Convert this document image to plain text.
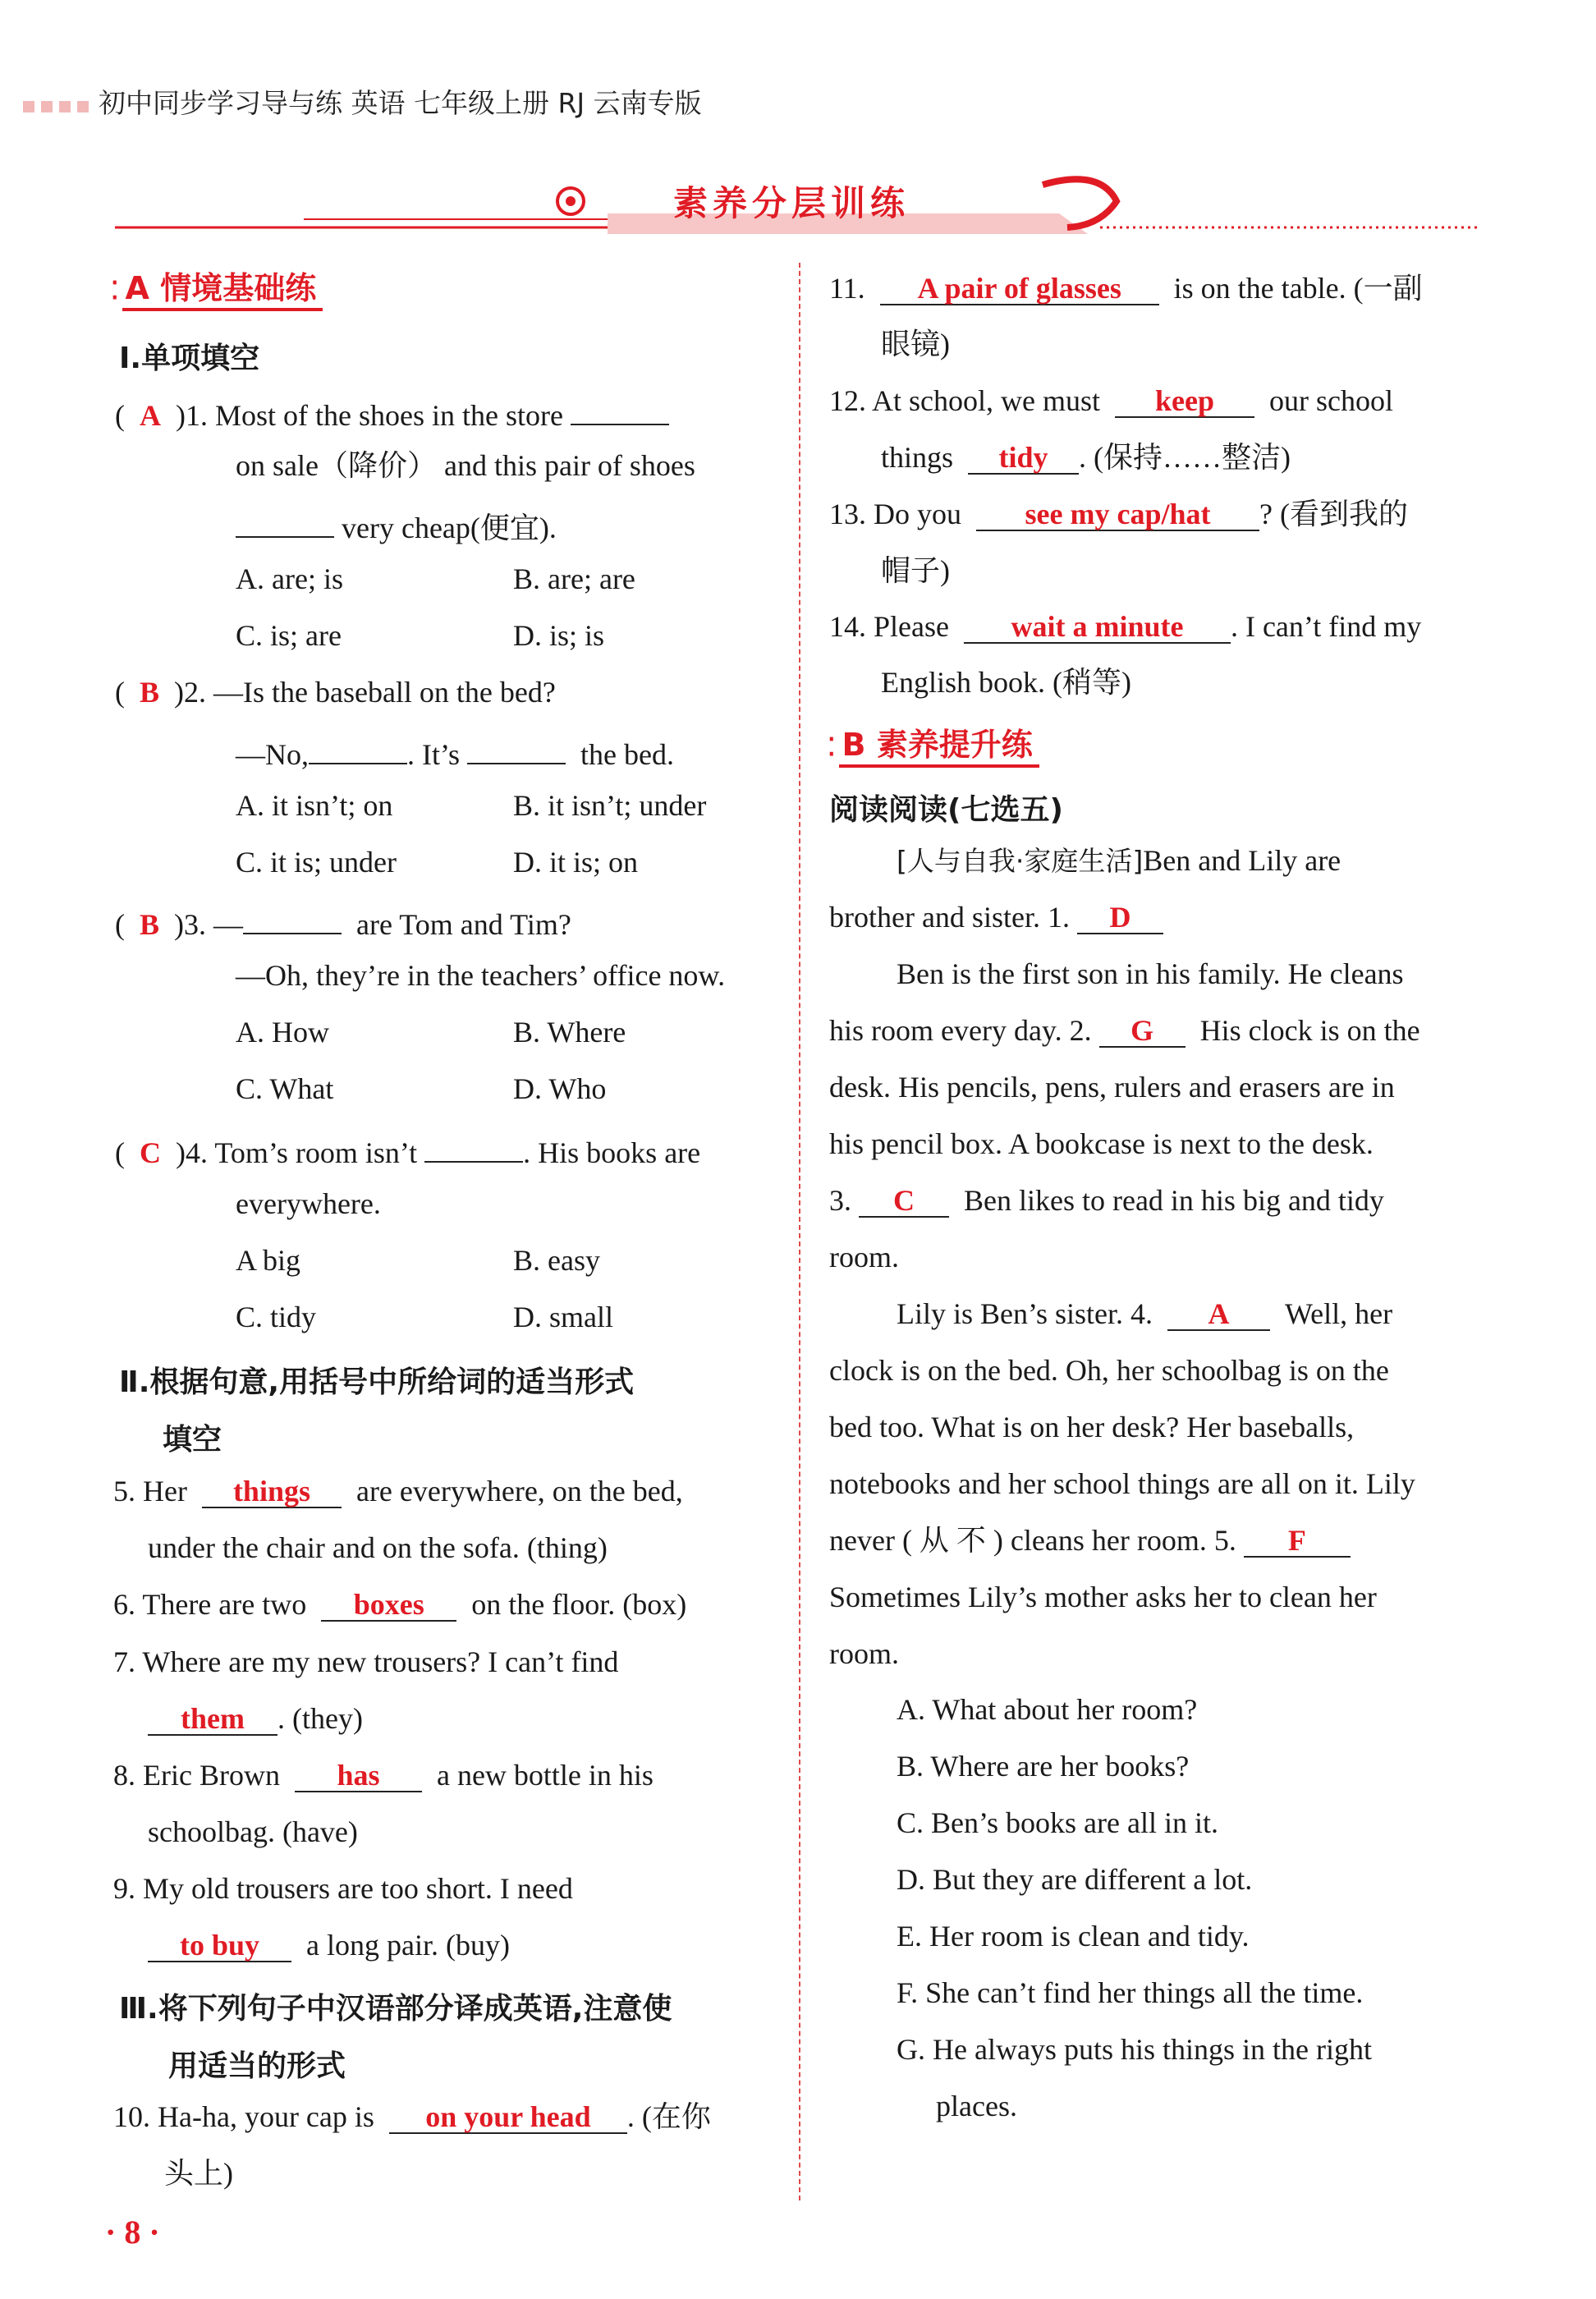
初中同步学习导与练 英语 七年级上册 RJ 云南专版
素养分层训练
⁚ A 情境基础练
Ⅰ.单项填空
(  A )1. Most of the shoes in the store
on sale（降价） and this pair of shoes
very cheap(便宜).
A. are; is	B. are; are
C. is; are	D. is; is
(  B )2. —Is the baseball on the bed?
—No,	. It’s	the bed.
A. it isn’t; on	B. it isn’t; under
C. it is; under	D. it is; on
(  B )3. —	are Tom and Tim?
—Oh, they’re in the teachers’ office now.
A. How	B. Where
C. What	D. Who
(  C )4. Tom’s room isn’t	. His books are
everywhere.
A big	B. easy
C. tidy	D. small
Ⅱ.根据句意,用括号中所给词的适当形式
填空
5. Her things are everywhere, on the bed,
under the chair and on the sofa. (thing)
6. There are two boxes on the floor. (box)
7. Where are my new trousers? I can’t find
them . (they)
8. Eric Brown has a new bottle in his
schoolbag. (have)
9. My old trousers are too short. I need
to buy a long pair. (buy)
Ⅲ.将下列句子中汉语部分译成英语,注意使
用适当的形式
10. Ha-ha, your cap is on your head . (在你
头上)
11. A pair of glasses is on the table. (一副
眼镜)
12. At school, we must keep our school
things tidy . (保持……整洁)
13. Do you see my cap/hat ? (看到我的
帽子)
14. Please wait a minute . I can’t find my
English book. (稍等)
⁚ B 素养提升练
阅读阅读(七选五)
[人与自我·家庭生活]Ben and Lily are
brother and sister. 1. D
Ben is the first son in his family. He cleans
his room every day. 2. G His clock is on the
desk. His pencils, pens, rulers and erasers are in
his pencil box. A bookcase is next to the desk.
3. C Ben likes to read in his big and tidy
room.
Lily is Ben’s sister. 4. A Well, her
clock is on the bed. Oh, her schoolbag is on the
bed too. What is on her desk? Her baseballs,
notebooks and her school things are all on it. Lily
never ( 从 不 ) cleans her room. 5. F
Sometimes Lily’s mother asks her to clean her
room.
A. What about her room?
B. Where are her books?
C. Ben’s books are all in it.
D. But they are different a lot.
E. Her room is clean and tidy.
F. She can’t find her things all the time.
G. He always puts his things in the right
places.
· 8 ·
